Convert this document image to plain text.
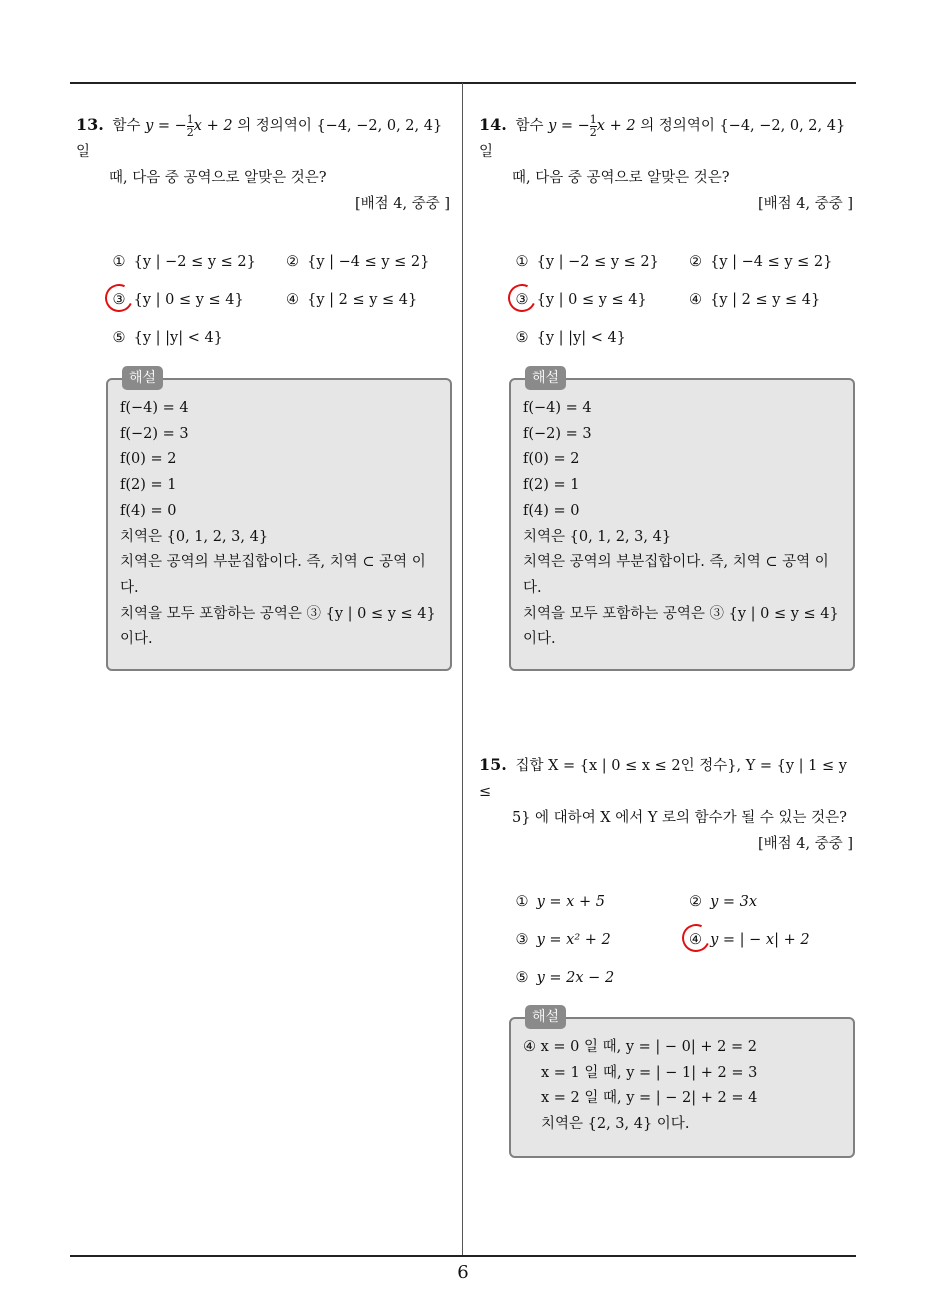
13. 함수 y = − $\frac{1}{2}$ x + 2 의 정의역이 {−4, −2, 0, 2, 4} 일
때, 다음 중 공역으로 알맞은 것은?
[배점 4, 중중 ]
① {y | −2 ≤ y ≤ 2}	② {y | −4 ≤ y ≤ 2}
③ {y | 0 ≤ y ≤ 4}	④ {y | 2 ≤ y ≤ 4}
⑤ {y | |y| < 4}
해설
f(−4) = 4
f(−2) = 3
f(0) = 2
f(2) = 1
f(4) = 0
치역은 {0, 1, 2, 3, 4}
치역은 공역의 부분집합이다. 즉, 치역 ⊂ 공역 이
다.
치역을 모두 포함하는 공역은 ③ {y | 0 ≤ y ≤ 4}
이다.
14. 함수 y = − $\frac{1}{2}$ x + 2 의 정의역이 {−4, −2, 0, 2, 4} 일
때, 다음 중 공역으로 알맞은 것은?
[배점 4, 중중 ]
① {y | −2 ≤ y ≤ 2}	② {y | −4 ≤ y ≤ 2}
③ {y | 0 ≤ y ≤ 4}	④ {y | 2 ≤ y ≤ 4}
⑤ {y | |y| < 4}
해설
f(−4) = 4
f(−2) = 3
f(0) = 2
f(2) = 1
f(4) = 0
치역은 {0, 1, 2, 3, 4}
치역은 공역의 부분집합이다. 즉, 치역 ⊂ 공역 이
다.
치역을 모두 포함하는 공역은 ③ {y | 0 ≤ y ≤ 4}
이다.
15. 집합 X = {x | 0 ≤ x ≤ 2인 정수}, Y = {y | 1 ≤ y ≤
5} 에 대하여 X 에서 Y 로의 함수가 될 수 있는 것은?
[배점 4, 중중 ]
① y = x + 5	② y = 3x
③ y = x² + 2	④ y = | − x| + 2
⑤ y = 2x − 2
해설
④ x = 0 일 때, y = | − 0| + 2 = 2
x = 1 일 때, y = | − 1| + 2 = 3
x = 2 일 때, y = | − 2| + 2 = 4
치역은 {2, 3, 4} 이다.
6
